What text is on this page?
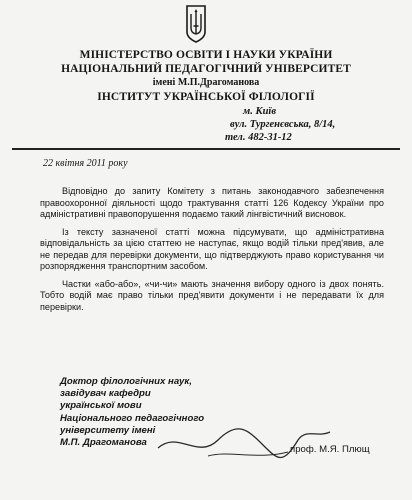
МІНІСТЕРСТВО ОСВІТИ І НАУКИ УКРАЇНИ
НАЦІОНАЛЬНИЙ ПЕДАГОГІЧНИЙ УНІВЕРСИТЕТ
імені М.П.Драгоманова
ІНСТИТУТ УКРАЇНСЬКОЇ ФІЛОЛОГІЇ
м. Київ
вул. Тургенєвська, 8/14,
тел. 482-31-12
22 квітня 2011 року

Відповідно до запиту Комітету з питань законодавчого забезпечення правоохоронної діяльності щодо трактування статті 126 Кодексу України про адміністративні правопорушення подаємо такий лінгвістичний висновок.

Із тексту зазначеної статті можна підсумувати, що адміністративна відповідальність за цією статтею не наступає, якщо водій тільки пред'явив, але не передав для перевірки документи, що підтверджують право користування чи розпорядження транспортним засобом.

Частки «або-або», «чи-чи» мають значення вибору одного із двох понять. Тобто водій має право тільки пред'явити документи і не передавати їх для перевірки.

Доктор філологічних наук,
завідувач кафедри
української мови
Національного педагогічного
університету імені
М.П. Драгоманова
проф. М.Я. Плющ
